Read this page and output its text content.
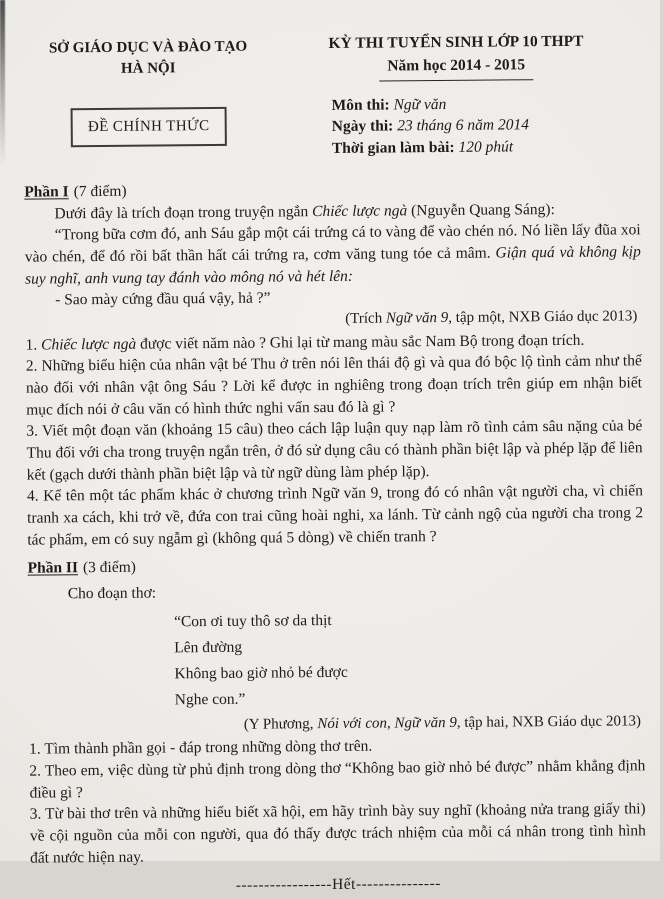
SỞ GIÁO DỤC VÀ ĐÀO TẠO
HÀ NỘI
ĐỀ CHÍNH THỨC
KỲ THI TUYỂN SINH LỚP 10 THPT
Năm học 2014 - 2015
Môn thi: Ngữ văn
Ngày thi: 23 tháng 6 năm 2014
Thời gian làm bài: 120 phút

Phần I (7 điểm)

Dưới đây là trích đoạn trong truyện ngắn Chiếc lược ngà (Nguyễn Quang Sáng):

“Trong bữa cơm đó, anh Sáu gắp một cái trứng cá to vàng để vào chén nó. Nó liền lấy đũa xoi vào chén, để đó rồi bất thần hất cái trứng ra, cơm văng tung tóe cả mâm. Giận quá và không kịp suy nghĩ, anh vung tay đánh vào mông nó và hét lên:

- Sao mày cứng đầu quá vậy, hả ?”

(Trích Ngữ văn 9, tập một, NXB Giáo dục 2013)

1. Chiếc lược ngà được viết năm nào ? Ghi lại từ mang màu sắc Nam Bộ trong đoạn trích.

2. Những biểu hiện của nhân vật bé Thu ở trên nói lên thái độ gì và qua đó bộc lộ tình cảm như thế nào đối với nhân vật ông Sáu ? Lời kể được in nghiêng trong đoạn trích trên giúp em nhận biết mục đích nói ở câu văn có hình thức nghi vấn sau đó là gì ?

3. Viết một đoạn văn (khoảng 15 câu) theo cách lập luận quy nạp làm rõ tình cảm sâu nặng của bé Thu đối với cha trong truyện ngắn trên, ở đó sử dụng câu có thành phần biệt lập và phép lặp để liên kết (gạch dưới thành phần biệt lập và từ ngữ dùng làm phép lặp).

4. Kể tên một tác phẩm khác ở chương trình Ngữ văn 9, trong đó có nhân vật người cha, vì chiến tranh xa cách, khi trở về, đứa con trai cũng hoài nghi, xa lánh. Từ cảnh ngộ của người cha trong 2 tác phẩm, em có suy ngẫm gì (không quá 5 dòng) về chiến tranh ?

Phần II (3 điểm)

Cho đoạn thơ:

“Con ơi tuy thô sơ da thịt
Lên đường
Không bao giờ nhỏ bé được
Nghe con.”

(Y Phương, Nói với con, Ngữ văn 9, tập hai, NXB Giáo dục 2013)

1. Tìm thành phần gọi - đáp trong những dòng thơ trên.

2. Theo em, việc dùng từ phủ định trong dòng thơ “Không bao giờ nhỏ bé được” nhằm khẳng định điều gì ?

3. Từ bài thơ trên và những hiểu biết xã hội, em hãy trình bày suy nghĩ (khoảng nửa trang giấy thi) về cội nguồn của mỗi con người, qua đó thấy được trách nhiệm của mỗi cá nhân trong tình hình đất nước hiện nay.

-----------------Hết---------------
